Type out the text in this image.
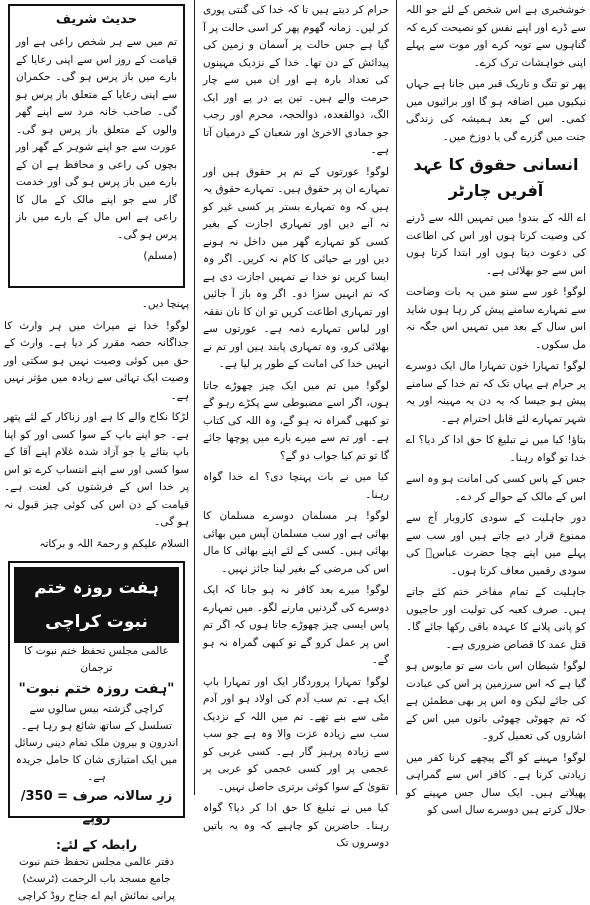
خوشخبری ہے اس شخص کے لئے جو اللہ سے ڈرے اور اپنے نفس کو نصیحت کرے کہ گناہوں سے توبہ کرے اور موت سے پہلے اپنی خواہشات ترک کرے۔

پھر تو تنگ و تاریک قبر میں جانا ہے جہاں نیکیوں میں اضافہ ہو گا اور برائیوں میں کمی۔ اس کے بعد ہمیشہ کی زندگی جنت میں گزرے گی یا دوزخ میں۔

انسانی حقوق کا عہد آفریں چارٹر

اے اللہ کے بندو! میں تمہیں اللہ سے ڈرنے کی وصیت کرتا ہوں اور اس کی اطاعت کی دعوت دیتا ہوں اور ابتدا کرتا ہوں اس سے جو بھلائی ہے۔

لوگو! غور سے سنو میں یہ بات وضاحت سے تمہارے سامنے پیش کر رہا ہوں شاید اس سال کے بعد میں تمہیں اس جگہ نہ مل سکوں۔

لوگو! تمہارا خون تمہارا مال ایک دوسرے پر حرام ہے یہاں تک کہ تم خدا کے سامنے پیش ہو جیسا کہ یہ دن یہ مہینہ اور یہ شہر تمہارے لئے قابل احترام ہے۔

بتاؤ! کیا میں نے تبلیغ کا حق ادا کر دیا؟ اے خدا تو گواہ رہنا۔

جس کے پاس کسی کی امانت ہو وہ اسے اس کے مالک کے حوالے کر دے۔

دور جاہلیت کے سودی کاروبار آج سے ممنوع قرار دیے جاتے ہیں اور سب سے پہلے میں اپنے چچا حضرت عباسؓ کی سودی رقمیں معاف کرتا ہوں۔

جاہلیت کے تمام مفاخر ختم کئے جاتے ہیں۔ صرف کعبہ کی تولیت اور حاجیوں کو پانی پلانے کا عہدہ باقی رکھا جائے گا۔ قتل عمد کا قصاص ضروری ہے۔

لوگو! شیطان اس بات سے تو مایوس ہو گیا ہے کہ اس سرزمین پر اس کی عبادت کی جائے لیکن وہ اس پر بھی مطمئن ہے کہ تم چھوٹی چھوٹی باتوں میں اس کے اشاروں کی تعمیل کرو۔

لوگو! مہینے کو آگے پیچھے کرنا کفر میں زیادتی کرنا ہے۔ کافر اس سے گمراہی پھیلاتے ہیں۔ ایک سال جس مہینے کو حلال کرتے ہیں دوسرے سال اسی کو

حرام کر دیتے ہیں تا کہ خدا کی گنتی پوری کر لیں۔ زمانہ گھوم پھر کر اسی حالت پر آ گیا ہے جس حالت پر آسمان و زمین کی پیدائش کے دن تھا۔ خدا کے نزدیک مہینوں کی تعداد بارہ ہے اور ان میں سے چار حرمت والے ہیں۔ تین پے در پے اور ایک الگ، ذوالقعدہ، ذوالحجہ، محرم اور رجب جو جمادی الاخریٰ اور شعبان کے درمیان آتا ہے۔

لوگو! عورتوں کے تم پر حقوق ہیں اور تمہارے ان پر حقوق ہیں۔ تمہارے حقوق یہ ہیں کہ وہ تمہارے بستر پر کسی غیر کو نہ آنے دیں اور تمہاری اجازت کے بغیر کسی کو تمہارے گھر میں داخل نہ ہونے دیں اور بے حیائی کا کام نہ کریں۔ اگر وہ ایسا کریں تو خدا نے تمہیں اجازت دی ہے کہ تم انہیں سزا دو۔ اگر وہ باز آ جائیں اور تمہاری اطاعت کریں تو ان کا نان نفقہ اور لباس تمہارے ذمہ ہے۔ عورتوں سے بھلائی کرو، وہ تمہاری پابند ہیں اور تم نے انہیں خدا کی امانت کے طور پر لیا ہے۔

لوگو! میں تم میں ایک چیز چھوڑے جاتا ہوں، اگر اسے مضبوطی سے پکڑے رہو گے تو کبھی گمراہ نہ ہو گے، وہ اللہ کی کتاب ہے۔ اور تم سے میرے بارے میں پوچھا جائے گا تو تم کیا جواب دو گے؟

کیا میں نے بات پہنچا دی؟ اے خدا گواہ رہنا۔

لوگو! ہر مسلمان دوسرے مسلمان کا بھائی ہے اور سب مسلمان آپس میں بھائی بھائی ہیں۔ کسی کے لئے اپنے بھائی کا مال اس کی مرضی کے بغیر لینا جائز نہیں۔

لوگو! میرے بعد کافر نہ ہو جانا کہ ایک دوسرے کی گردنیں مارنے لگو۔ میں تمہارے پاس ایسی چیز چھوڑے جاتا ہوں کہ اگر تم اس پر عمل کرو گے تو کبھی گمراہ نہ ہو گے۔

لوگو! تمہارا پروردگار ایک اور تمہارا باپ ایک ہے۔ تم سب آدم کی اولاد ہو اور آدم مٹی سے بنے تھے۔ تم میں اللہ کے نزدیک سب سے زیادہ عزت والا وہ ہے جو سب سے زیادہ پرہیز گار ہے۔ کسی عربی کو عجمی پر اور کسی عجمی کو عربی پر تقویٰ کے سوا کوئی برتری حاصل نہیں۔

کیا میں نے تبلیغ کا حق ادا کر دیا؟ گواہ رہنا۔ حاضرین کو چاہیے کہ وہ یہ باتیں دوسروں تک

حدیث شریف

تم میں سے ہر شخص راعی ہے اور قیامت کے روز اس سے اپنی رعایا کے بارے میں باز پرس ہو گی۔ حکمران سے اپنی رعایا کے متعلق باز پرس ہو گی۔ صاحب خانہ مرد سے اپنے گھر والوں کے متعلق باز پرس ہو گی۔ عورت سے جو اپنے شوہر کے گھر اور بچوں کی راعی و محافظ ہے ان کے بارے میں باز پرس ہو گی اور خدمت گار سے جو اپنے مالک کے مال کا راعی ہے اس مال کے بارے میں باز پرس ہو گی۔

(مسلم)

پہنچا دیں۔

لوگو! خدا نے میراث میں ہر وارث کا جداگانہ حصہ مقرر کر دیا ہے۔ وارث کے حق میں کوئی وصیت نہیں ہو سکتی اور وصیت ایک تہائی سے زیادہ میں مؤثر نہیں ہے۔

لڑکا نکاح والے کا ہے اور زناکار کے لئے پتھر ہے۔ جو اپنے باپ کے سوا کسی اور کو اپنا باپ بتائے یا جو آزاد شدہ غلام اپنے آقا کے سوا کسی اور سے اپنے انتساب کرے تو اس پر خدا اس کے فرشتوں کی لعنت ہے۔ قیامت کے دن اس کی کوئی چیز قبول نہ ہو گی۔

السلام علیکم و رحمۃ اللہ و برکاتہ

ہفت روزہ ختم نبوت کراچی
عالمی مجلس تحفظ ختم نبوت کا ترجمان
"ہفت روزہ ختم نبوت"
کراچی گزشتہ بیس سالوں سے تسلسل کے ساتھ شائع ہو رہا ہے۔ اندرون و بیرون ملک تمام دینی رسائل میں ایک امتیازی شان کا حامل جریدہ ہے۔
زرِ سالانہ صرف = 350/ روپے
رابطہ کے لئے:
دفتر عالمی مجلس تحفظ ختم نبوت جامع مسجد باب الرحمت (ٹرسٹ) پرانی نمائش ایم اے جناح روڈ کراچی
